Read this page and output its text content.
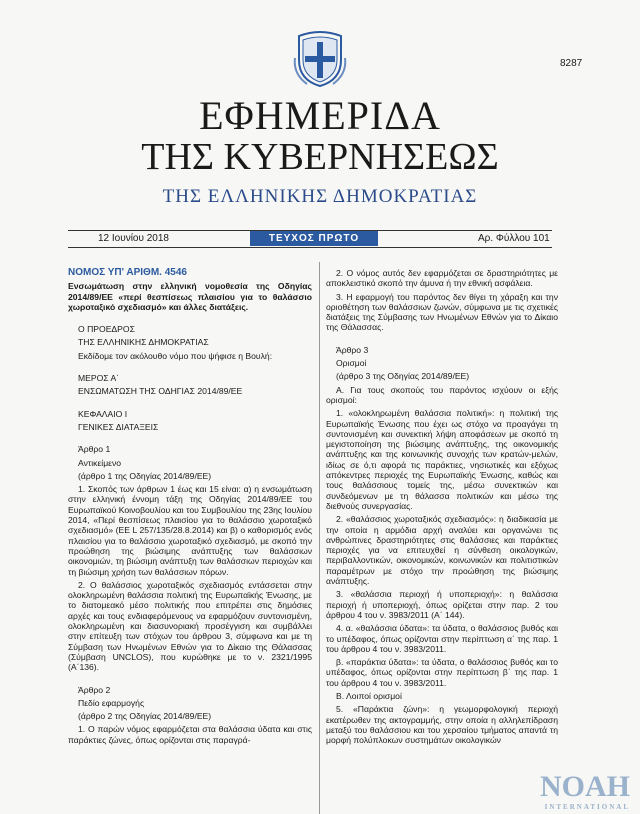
8287
ΕΦΗΜΕΡΙΔΑ
ΤΗΣ ΚΥΒΕΡΝΗΣΕΩΣ
ΤΗΣ ΕΛΛΗΝΙΚΗΣ ΔΗΜΟΚΡΑΤΙΑΣ
12 Ιουνίου 2018	ΤΕΥΧΟΣ ΠΡΩΤΟ	Αρ. Φύλλου 101

ΝΟΜΟΣ ΥΠ' ΑΡΙΘΜ. 4546

Ενσωμάτωση στην ελληνική νομοθεσία της Οδηγίας 2014/89/ΕΕ «περί θεσπίσεως πλαισίου για το θαλάσσιο χωροταξικό σχεδιασμό» και άλλες διατάξεις.

Ο ΠΡΟΕΔΡΟΣ

ΤΗΣ ΕΛΛΗΝΙΚΗΣ ΔΗΜΟΚΡΑΤΙΑΣ

Εκδίδομε τον ακόλουθο νόμο που ψήφισε η Βουλή:

ΜΕΡΟΣ Α΄

ΕΝΣΩΜΑΤΩΣΗ ΤΗΣ ΟΔΗΓΙΑΣ 2014/89/ΕΕ

ΚΕΦΑΛΑΙΟ Ι

ΓΕΝΙΚΕΣ ΔΙΑΤΑΞΕΙΣ

Άρθρο 1

Αντικείμενο

(άρθρο 1 της Οδηγίας 2014/89/ΕΕ)

1. Σκοπός των άρθρων 1 έως και 15 είναι: α) η ενσωμάτωση στην ελληνική έννομη τάξη της Οδηγίας 2014/89/ΕΕ του Ευρωπαϊκού Κοινοβουλίου και του Συμβουλίου της 23ης Ιουλίου 2014, «Περί θεσπίσεως πλαισίου για το θαλάσσιο χωροταξικό σχεδιασμό» (ΕΕ L 257/135/28.8.2014) και β) ο καθορισμός ενός πλαισίου για το θαλάσσιο χωροταξικό σχεδιασμό, με σκοπό την προώθηση της βιώσιμης ανάπτυξης των θαλάσσιων οικονομιών, τη βιώσιμη ανάπτυξη των θαλάσσιων περιοχών και τη βιώσιμη χρήση των θαλάσσιων πόρων.

2. Ο θαλάσσιος χωροταξικός σχεδιασμός εντάσσεται στην ολοκληρωμένη θαλάσσια πολιτική της Ευρωπαϊκής Ένωσης, με το διατομεακό μέσο πολιτικής που επιτρέπει στις δημόσιες αρχές και τους ενδιαφερόμενους να εφαρμόζουν συντονισμένη, ολοκληρωμένη και διασυνοριακή προσέγγιση και συμβάλλει στην επίτευξη των στόχων του άρθρου 3, σύμφωνα και με τη Σύμβαση των Ηνωμένων Εθνών για το Δίκαιο της Θάλασσας (Σύμβαση UNCLOS), που κυρώθηκε με το ν. 2321/1995 (Α΄136).

Άρθρο 2

Πεδίο εφαρμογής

(άρθρο 2 της Οδηγίας 2014/89/ΕΕ)

1. Ο παρών νόμος εφαρμόζεται στα θαλάσσια ύδατα και στις παράκτιες ζώνες, όπως ορίζονται στις παραγρά-

2. Ο νόμος αυτός δεν εφαρμόζεται σε δραστηριότητες με αποκλειστικό σκοπό την άμυνα ή την εθνική ασφάλεια.

3. Η εφαρμογή του παρόντος δεν θίγει τη χάραξη και την οριοθέτηση των θαλάσσιων ζωνών, σύμφωνα με τις σχετικές διατάξεις της Σύμβασης των Ηνωμένων Εθνών για το Δίκαιο της Θάλασσας.

Άρθρο 3

Ορισμοί

(άρθρο 3 της Οδηγίας 2014/89/ΕΕ)

Α. Για τους σκοπούς του παρόντος ισχύουν οι εξής ορισμοί:

1. «ολοκληρωμένη θαλάσσια πολιτική»: η πολιτική της Ευρωπαϊκής Ένωσης που έχει ως στόχο να προαγάγει τη συντονισμένη και συνεκτική λήψη αποφάσεων με σκοπό τη μεγιστοποίηση της βιώσιμης ανάπτυξης, της οικονομικής ανάπτυξης και της κοινωνικής συνοχής των κρατών-μελών, ιδίως σε ό,τι αφορά τις παράκτιες, νησιωτικές και εξόχως απόκεντρες περιοχές της Ευρωπαϊκής Ένωσης, καθώς και τους θαλάσσιους τομείς της, μέσω συνεκτικών και συνδεόμενων με τη θάλασσα πολιτικών και μέσω της διεθνούς συνεργασίας.

2. «θαλάσσιος χωροταξικός σχεδιασμός»: η διαδικασία με την οποία η αρμόδια αρχή αναλύει και οργανώνει τις ανθρώπινες δραστηριότητες στις θαλάσσιες και παράκτιες περιοχές για να επιτευχθεί η σύνθεση οικολογικών, περιβαλλοντικών, οικονομικών, κοινωνικών και πολιτιστικών παραμέτρων με στόχο την προώθηση της βιώσιμης ανάπτυξης.

3. «θαλάσσια περιοχή ή υποπεριοχή»: η θαλάσσια περιοχή ή υποπεριοχή, όπως ορίζεται στην παρ. 2 του άρθρου 4 του ν. 3983/2011 (Α΄ 144).

4. α. «θαλάσσια ύδατα»: τα ύδατα, ο θαλάσσιος βυθός και το υπέδαφος, όπως ορίζονται στην περίπτωση α΄ της παρ. 1 του άρθρου 4 του ν. 3983/2011.

β. «παράκτια ύδατα»: τα ύδατα, ο θαλάσσιος βυθός και το υπέδαφος, όπως ορίζονται στην περίπτωση β΄ της παρ. 1 του άρθρου 4 του ν. 3983/2011.

Β. Λοιποί ορισμοί

5. «Παράκτια ζώνη»: η γεωμορφολογική περιοχή εκατέρωθεν της ακτογραμμής, στην οποία η αλληλεπίδραση μεταξύ του θαλάσσιου και του χερσαίου τμήματος απαντά τη μορφή πολύπλοκων συστημάτων οικολογικών

NOAH
INTERNATIONAL
